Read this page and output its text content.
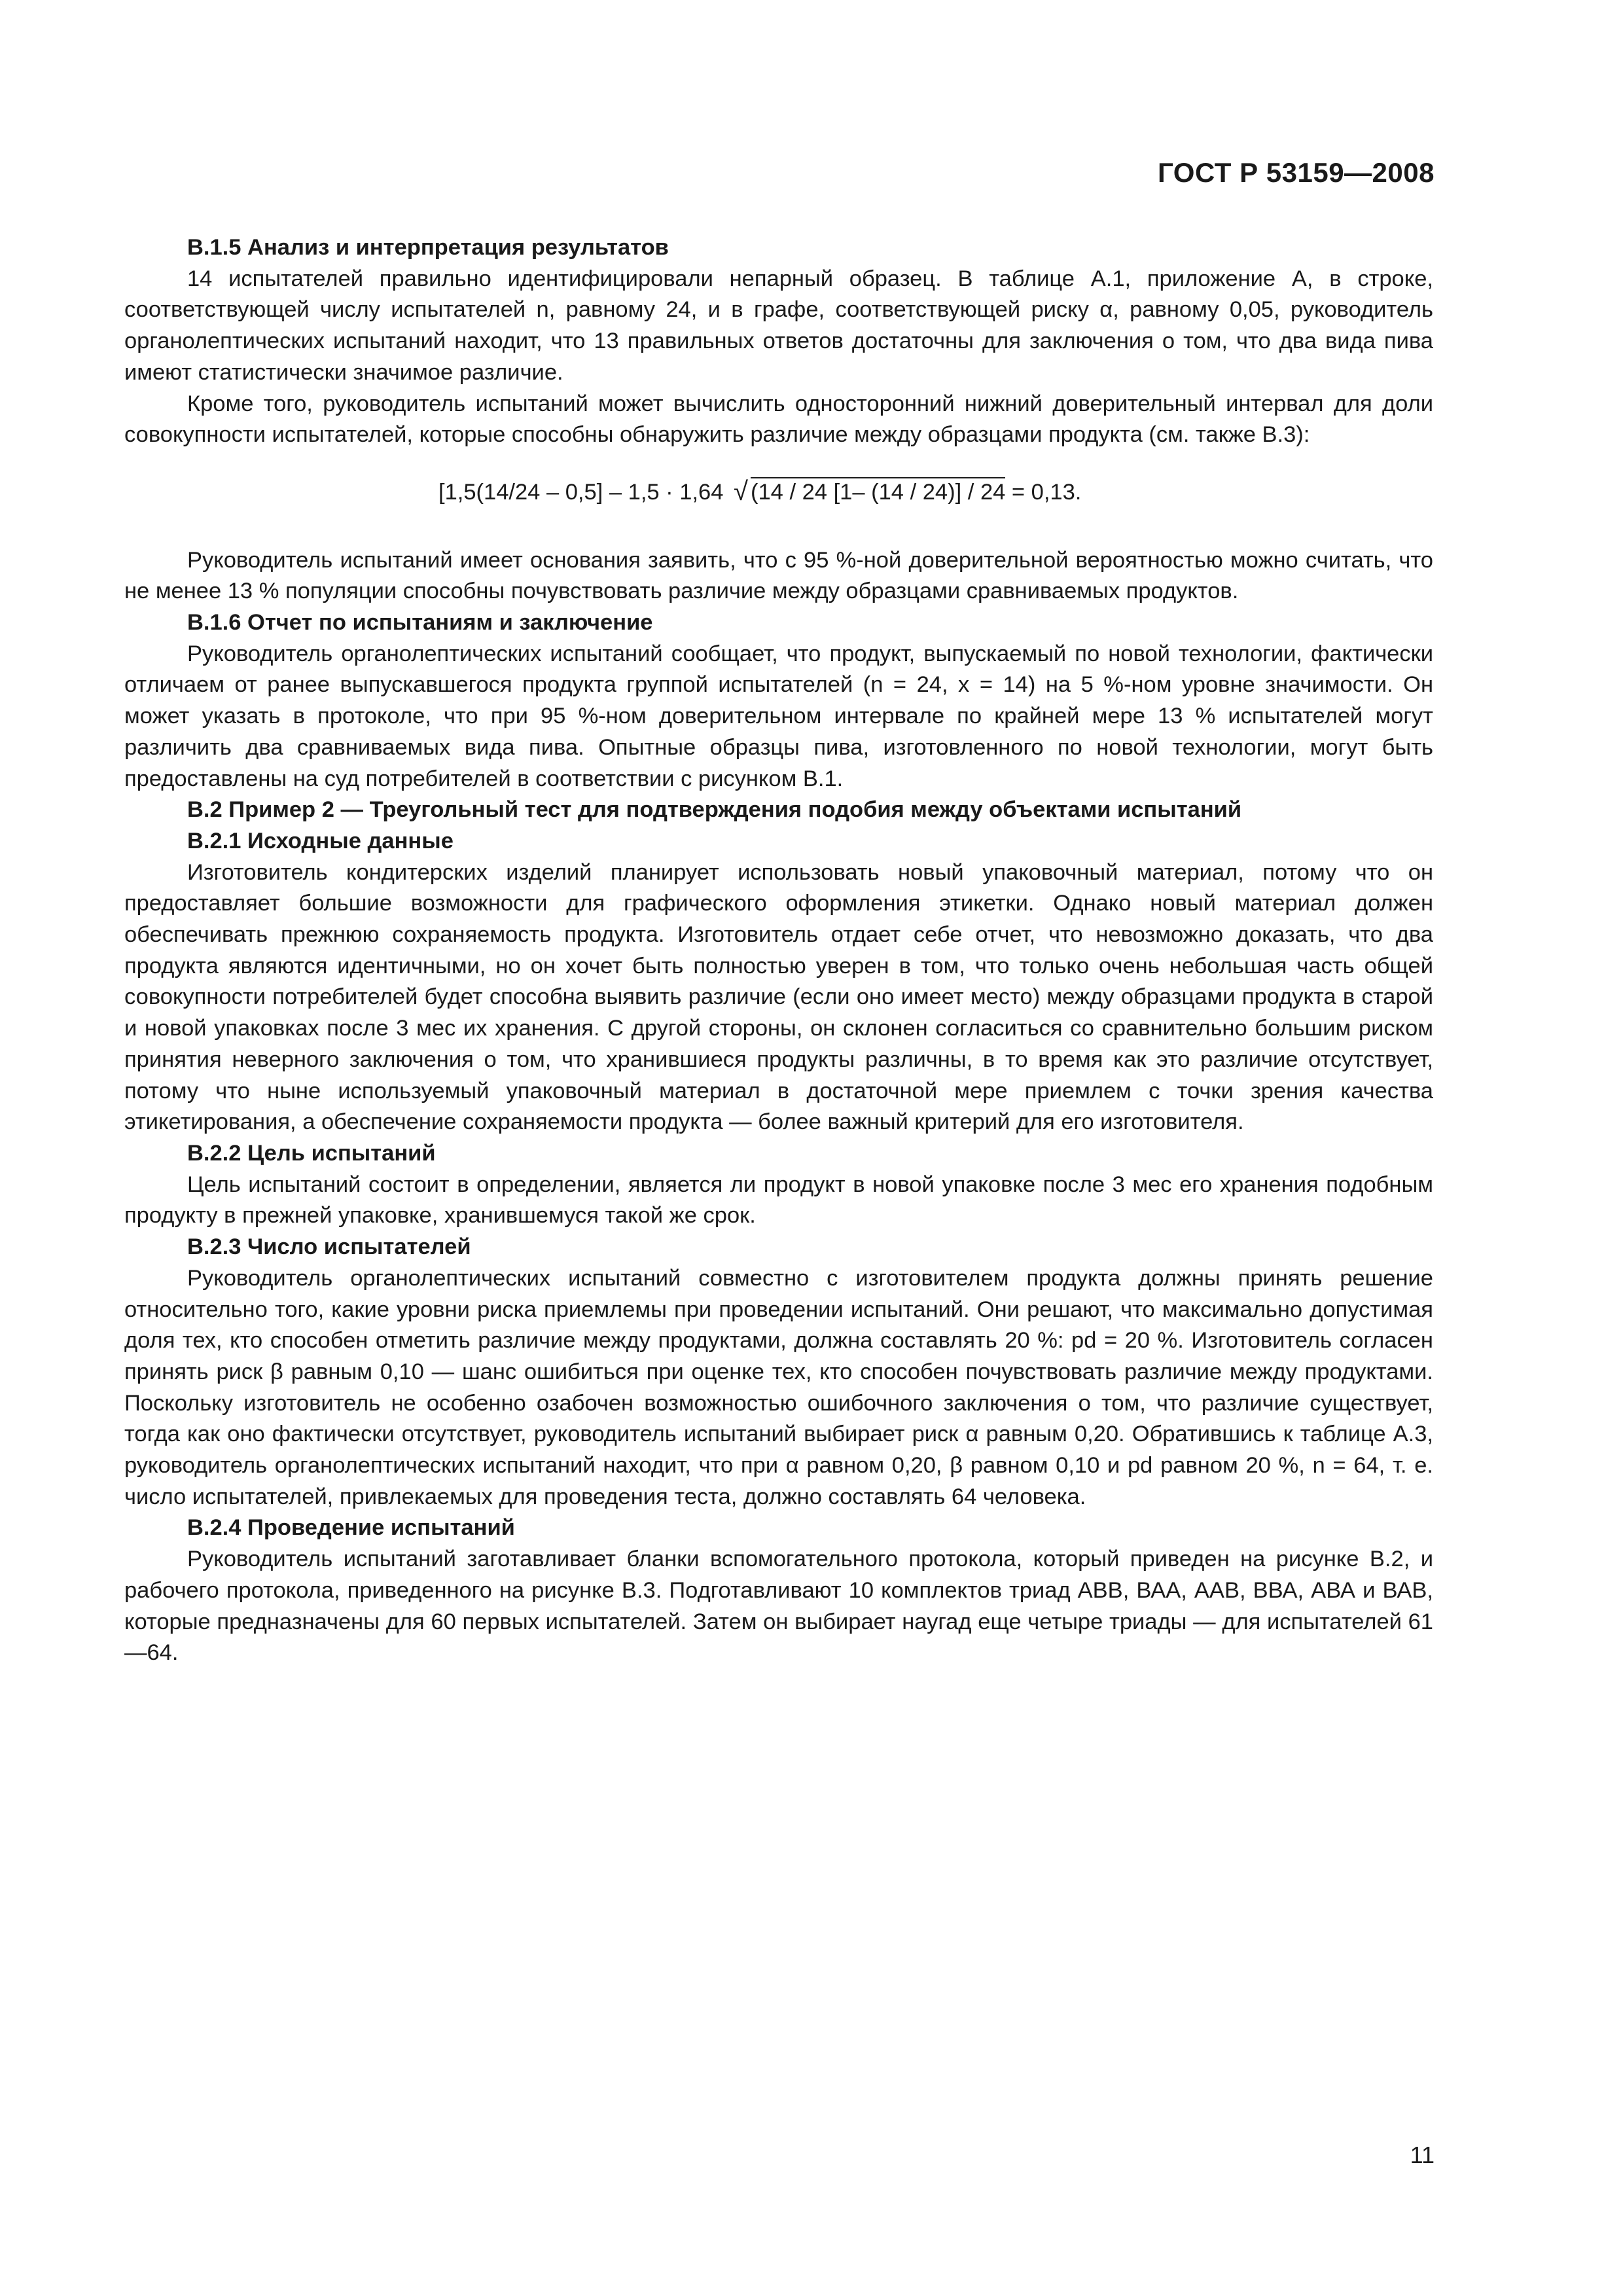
ГОСТ Р 53159—2008

В.1.5 Анализ и интерпретация результатов

14 испытателей правильно идентифицировали непарный образец. В таблице А.1, приложение А, в строке, соответствующей числу испытателей n, равному 24, и в графе, соответствующей риску α, равному 0,05, руководитель органолептических испытаний находит, что 13 правильных ответов достаточны для заключения о том, что два вида пива имеют статистически значимое различие.

Кроме того, руководитель испытаний может вычислить односторонний нижний доверительный интервал для доли совокупности испытателей, которые способны обнаружить различие между образцами продукта (см. также В.3):

[1,5(14/24 – 0,5] – 1,5 · 1,64 √ (14 / 24 [1– (14 / 24)] / 24 = 0,13.

Руководитель испытаний имеет основания заявить, что с 95 %-ной доверительной вероятностью можно считать, что не менее 13 % популяции способны почувствовать различие между образцами сравниваемых продуктов.

В.1.6 Отчет по испытаниям и заключение

Руководитель органолептических испытаний сообщает, что продукт, выпускаемый по новой технологии, фактически отличаем от ранее выпускавшегося продукта группой испытателей (n = 24, x = 14) на 5 %-ном уровне значимости. Он может указать в протоколе, что при 95 %-ном доверительном интервале по крайней мере 13 % испытателей могут различить два сравниваемых вида пива. Опытные образцы пива, изготовленного по новой технологии, могут быть предоставлены на суд потребителей в соответствии с рисунком В.1.

В.2 Пример 2 — Треугольный тест для подтверждения подобия между объектами испытаний

В.2.1 Исходные данные

Изготовитель кондитерских изделий планирует использовать новый упаковочный материал, потому что он предоставляет большие возможности для графического оформления этикетки. Однако новый материал должен обеспечивать прежнюю сохраняемость продукта. Изготовитель отдает себе отчет, что невозможно доказать, что два продукта являются идентичными, но он хочет быть полностью уверен в том, что только очень небольшая часть общей совокупности потребителей будет способна выявить различие (если оно имеет место) между образцами продукта в старой и новой упаковках после 3 мес их хранения. С другой стороны, он склонен согласиться со сравнительно большим риском принятия неверного заключения о том, что хранившиеся продукты различны, в то время как это различие отсутствует, потому что ныне используемый упаковочный материал в достаточной мере приемлем с точки зрения качества этикетирования, а обеспечение сохраняемости продукта — более важный критерий для его изготовителя.

В.2.2 Цель испытаний

Цель испытаний состоит в определении, является ли продукт в новой упаковке после 3 мес его хранения подобным продукту в прежней упаковке, хранившемуся такой же срок.

В.2.3 Число испытателей

Руководитель органолептических испытаний совместно с изготовителем продукта должны принять решение относительно того, какие уровни риска приемлемы при проведении испытаний. Они решают, что максимально допустимая доля тех, кто способен отметить различие между продуктами, должна составлять 20 %: pd = 20 %. Изготовитель согласен принять риск β равным 0,10 — шанс ошибиться при оценке тех, кто способен почувствовать различие между продуктами. Поскольку изготовитель не особенно озабочен возможностью ошибочного заключения о том, что различие существует, тогда как оно фактически отсутствует, руководитель испытаний выбирает риск α равным 0,20. Обратившись к таблице А.3, руководитель органолептических испытаний находит, что при α равном 0,20, β равном 0,10 и pd равном 20 %, n = 64, т. е. число испытателей, привлекаемых для проведения теста, должно составлять 64 человека.

В.2.4 Проведение испытаний

Руководитель испытаний заготавливает бланки вспомогательного протокола, который приведен на рисунке В.2, и рабочего протокола, приведенного на рисунке В.3. Подготавливают 10 комплектов триад АВВ, ВАА, ААВ, ВВА, АВА и ВАВ, которые предназначены для 60 первых испытателей. Затем он выбирает наугад еще четыре триады — для испытателей 61—64.

11
